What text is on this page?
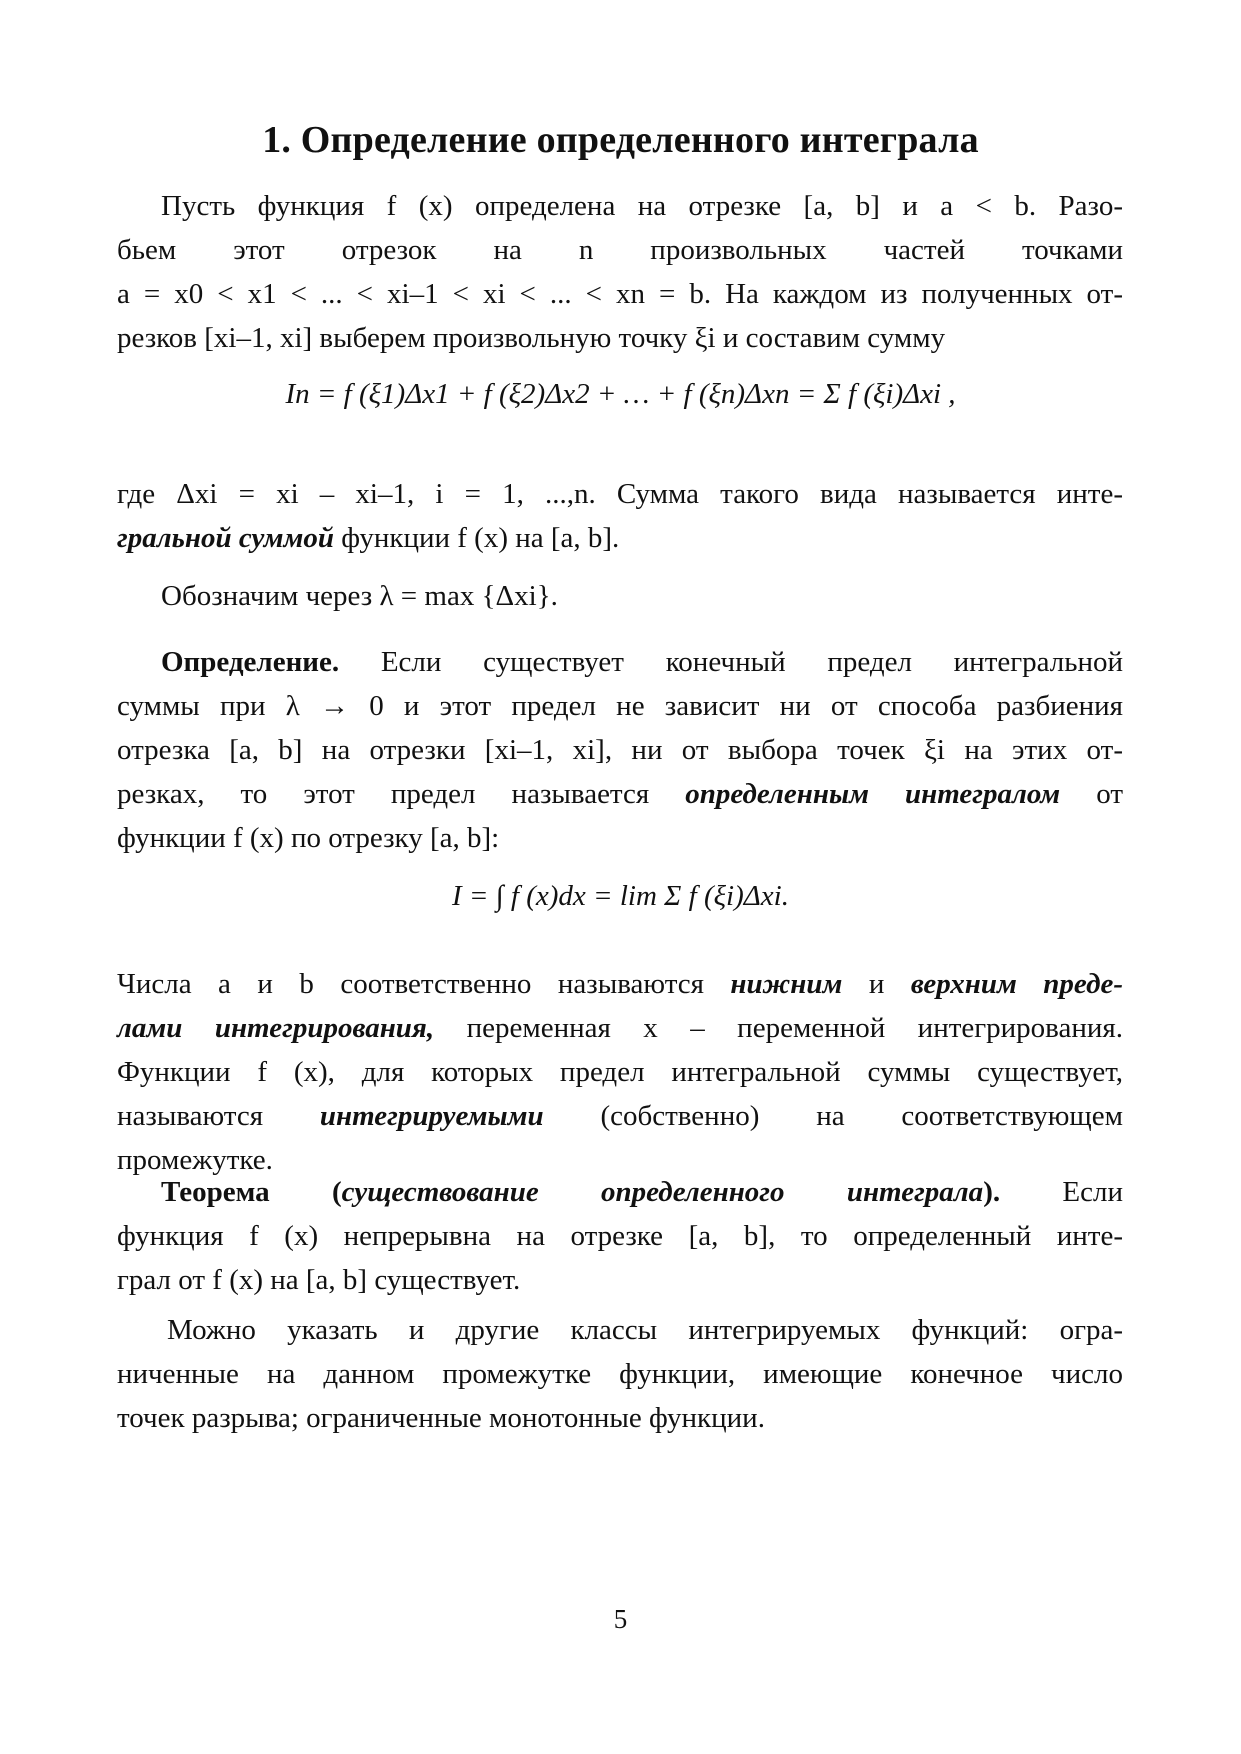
1. Определение определенного интеграла
Пусть функция f (x) определена на отрезке [a, b] и a < b. Разо-
бьем этот отрезок на n произвольных частей точками
a = x0 < x1 < ... < xi–1 < xi < ... < xn = b. На каждом из полученных от-
резков [xi–1, xi] выберем произвольную точку ξi и составим сумму
In = f (ξ1)Δx1 + f (ξ2)Δx2 + … + f (ξn)Δxn = Σ f (ξi)Δxi ,
где Δxi = xi – xi–1, i = 1, ...,n. Сумма такого вида называется инте-
гральной суммой функции f (x) на [a, b].
Обозначим через λ = max {Δxi}.
Определение. Если существует конечный предел интегральной
суммы при λ → 0 и этот предел не зависит ни от способа разбиения
отрезка [a, b] на отрезки [xi–1, xi], ни от выбора точек ξi на этих от-
резках, то этот предел называется определенным интегралом от
функции f (x) по отрезку [a, b]:
I = ∫ f (x)dx = lim Σ f (ξi)Δxi.
Числа a и b соответственно называются нижним и верхним преде-
лами интегрирования, переменная x – переменной интегрирования.
Функции f (x), для которых предел интегральной суммы существует,
называются интегрируемыми (собственно) на соответствующем
промежутке.
Теорема (существование определенного интеграла). Если
функция f (x) непрерывна на отрезке [a, b], то определенный инте-
грал от f (x) на [a, b] существует.
Можно указать и другие классы интегрируемых функций: огра-
ниченные на данном промежутке функции, имеющие конечное число
точек разрыва; ограниченные монотонные функции.
5
